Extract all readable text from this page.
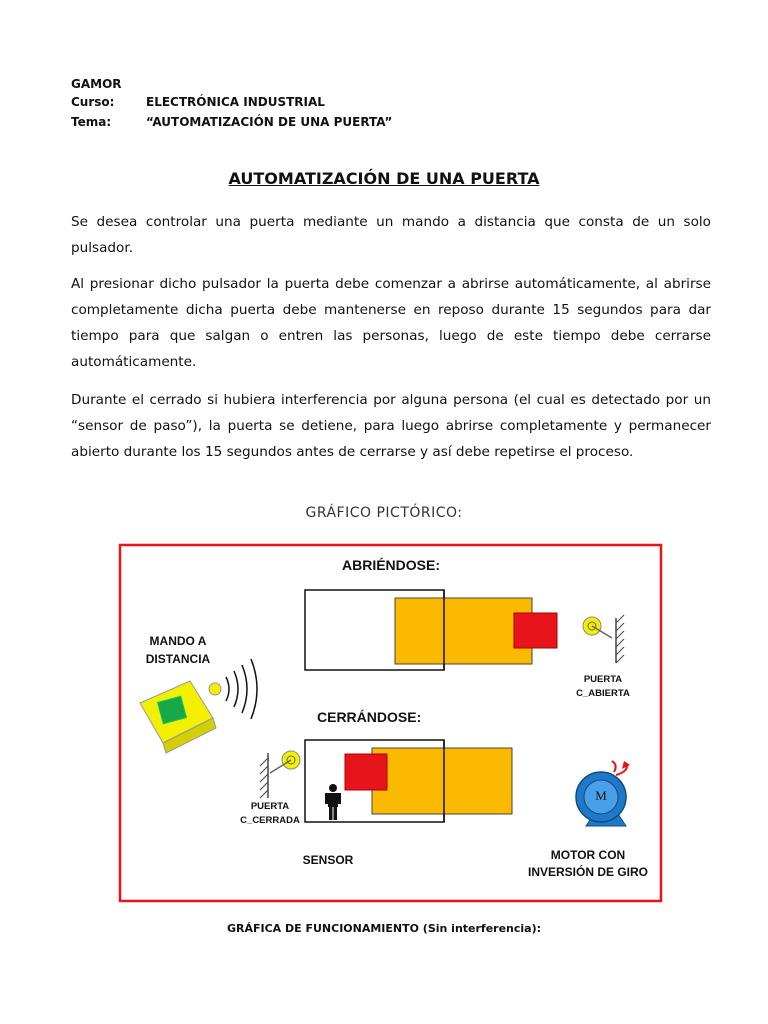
GAMOR
Curso:	ELECTRÓNICA INDUSTRIAL
Tema:	“AUTOMATIZACIÓN DE UNA PUERTA”
AUTOMATIZACIÓN DE UNA PUERTA

Se desea controlar una puerta mediante un mando a distancia que consta de un solo pulsador.

Al presionar dicho pulsador la puerta debe comenzar a abrirse automáticamente, al abrirse completamente dicha puerta debe mantenerse en reposo durante 15 segundos para dar tiempo para que salgan o entren las personas, luego de este tiempo debe cerrarse automáticamente.

Durante el cerrado si hubiera interferencia por alguna persona (el cual es detectado por un “sensor de paso”), la puerta se detiene, para luego abrirse completamente y permanecer abierto durante los 15 segundos antes de cerrarse y así debe repetirse el proceso.

GRÁFICO PICTÓRICO:
ABRIÉNDOSE:
CERRÁNDOSE:
MANDO A
DISTANCIA
PUERTA
C_ABIERTA
PUERTA
C_CERRADA
SENSOR
M
MOTOR CON
INVERSIÓN DE GIRO
GRÁFICA DE FUNCIONAMIENTO (Sin interferencia):
